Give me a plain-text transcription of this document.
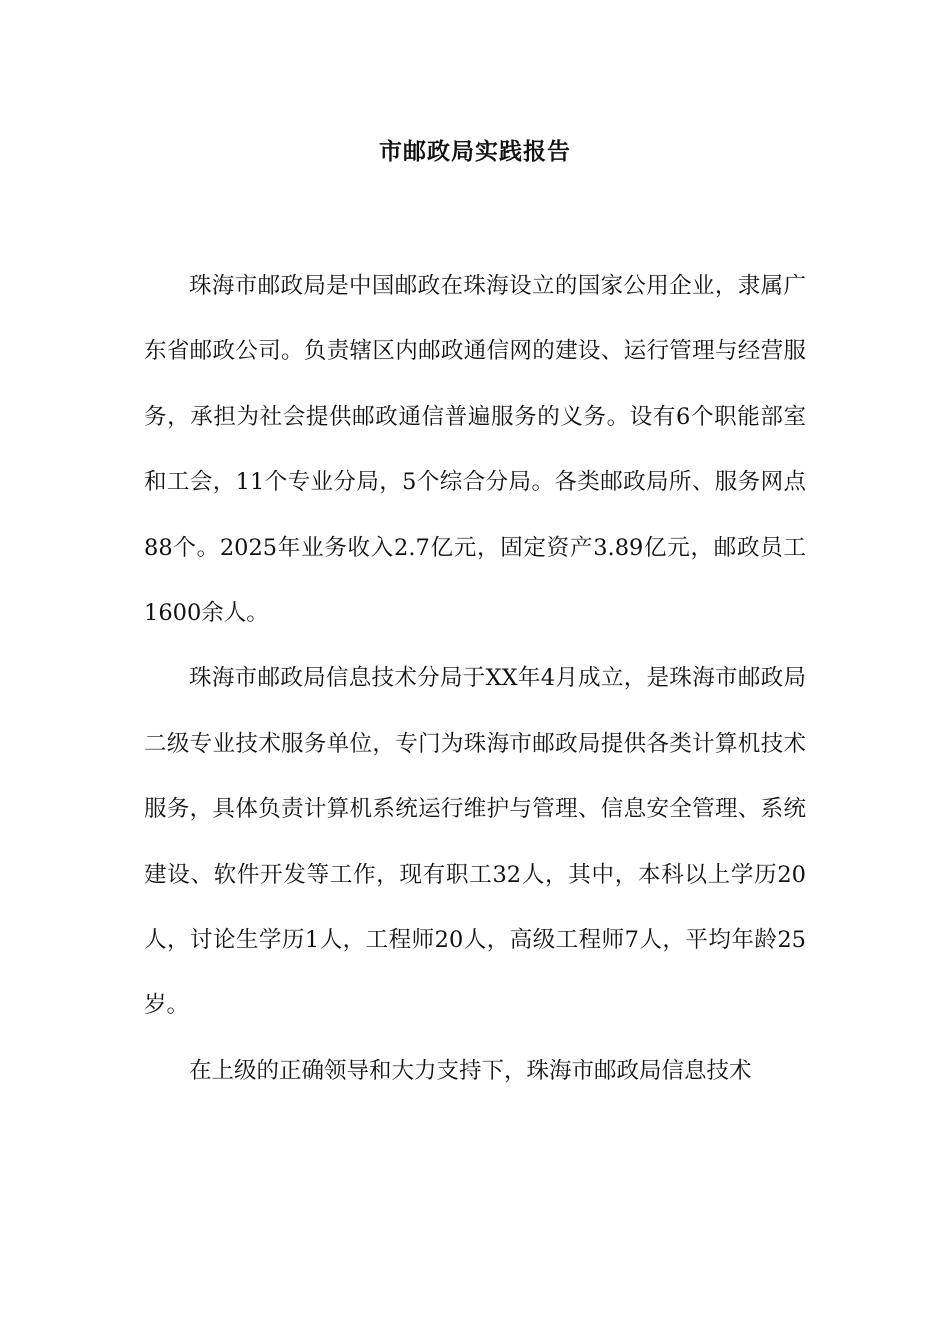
市邮政局实践报告

珠海市邮政局是中国邮政在珠海设立的国家公用企业，隶属广东省邮政公司。负责辖区内邮政通信网的建设、运行管理与经营服务，承担为社会提供邮政通信普遍服务的义务。设有6个职能部室和工会，11个专业分局，5个综合分局。各类邮政局所、服务网点88个。2025年业务收入2.7亿元，固定资产3.89亿元，邮政员工1600余人。

珠海市邮政局信息技术分局于XX年4月成立，是珠海市邮政局二级专业技术服务单位，专门为珠海市邮政局提供各类计算机技术服务，具体负责计算机系统运行维护与管理、信息安全管理、系统建设、软件开发等工作，现有职工32人，其中，本科以上学历20人，讨论生学历1人，工程师20人，高级工程师7人，平均年龄25岁。

在上级的正确领导和大力支持下，珠海市邮政局信息技术
